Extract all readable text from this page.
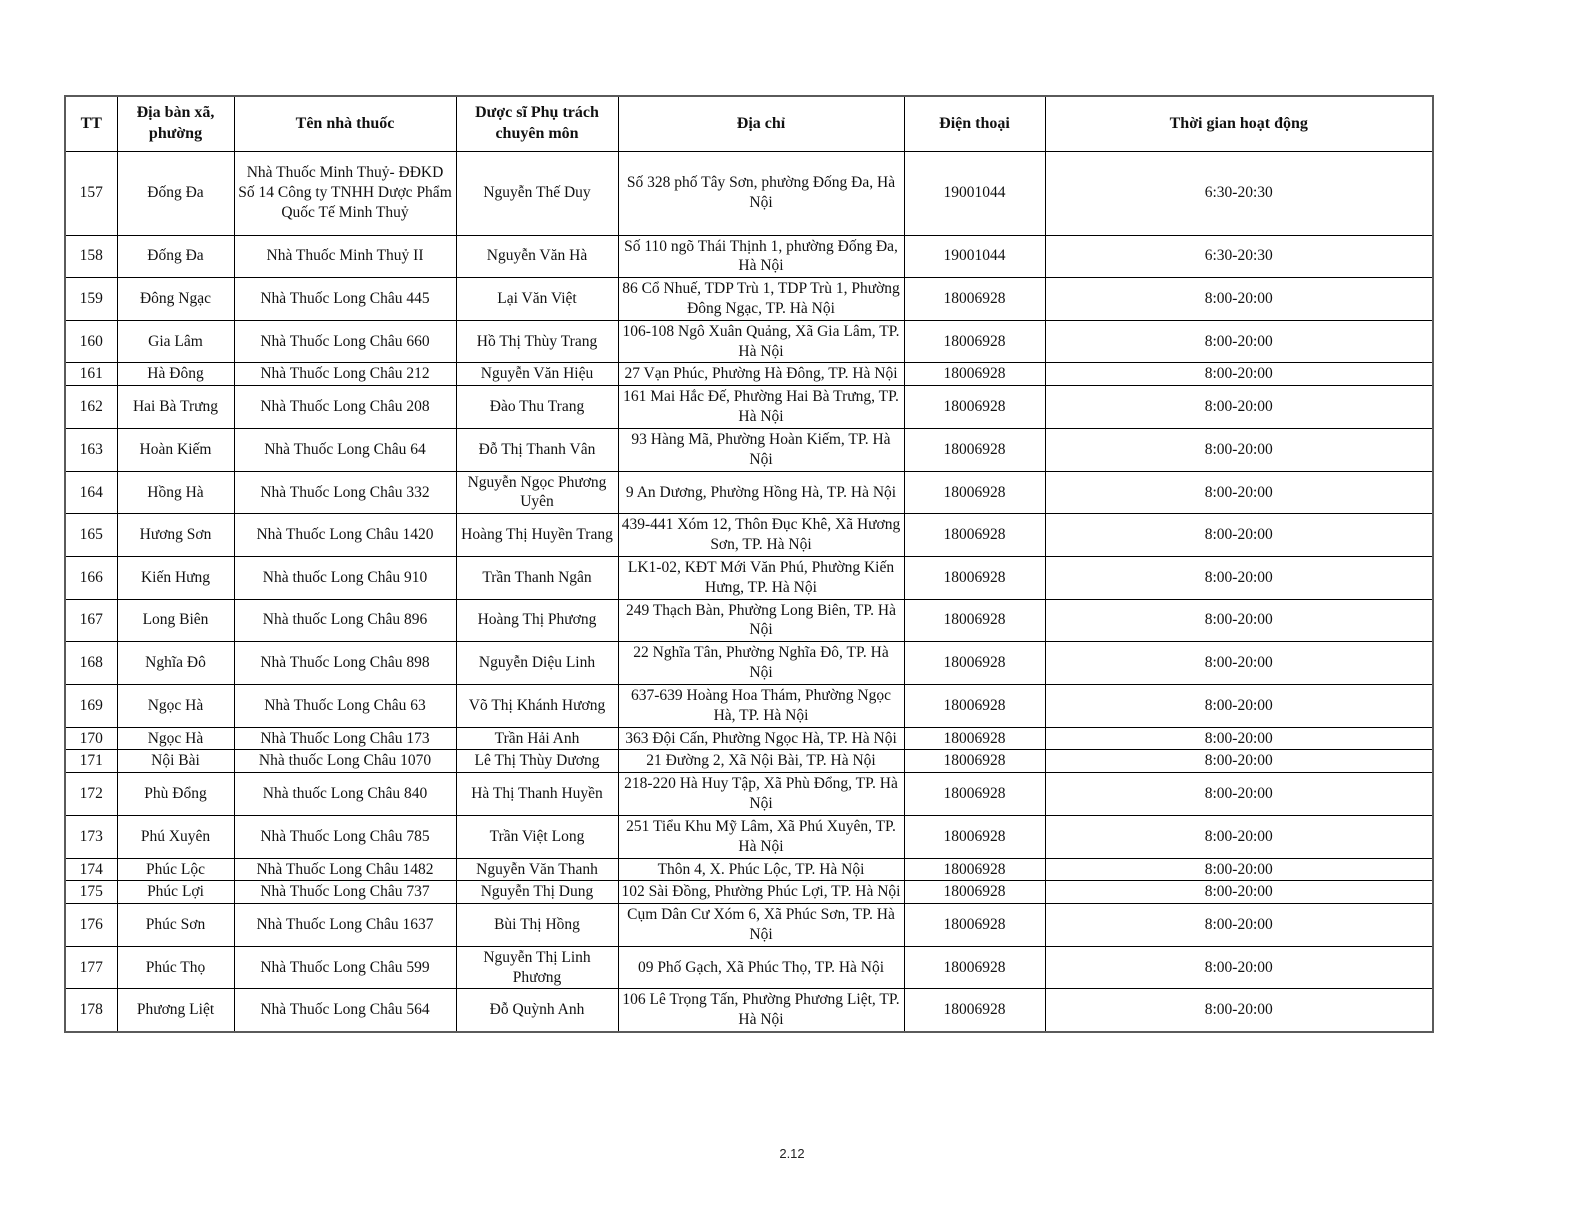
TT	Địa bàn xã, phường	Tên nhà thuốc	Dược sĩ Phụ trách chuyên môn	Địa chỉ	Điện thoại	Thời gian hoạt động
157	Đống Đa	Nhà Thuốc Minh Thuỷ- ĐĐKD Số 14 Công ty TNHH Dược Phẩm Quốc Tế Minh Thuỷ	Nguyễn Thế Duy	Số 328 phố Tây Sơn, phường Đống Đa, Hà Nội	19001044	6:30-20:30
158	Đống Đa	Nhà Thuốc Minh Thuỷ II	Nguyễn Văn Hà	Số 110 ngõ Thái Thịnh 1, phường Đống Đa, Hà Nội	19001044	6:30-20:30
159	Đông Ngạc	Nhà Thuốc Long Châu 445	Lại Văn Việt	86 Cổ Nhuế, TDP Trù 1, TDP Trù 1, Phường Đông Ngạc, TP. Hà Nội	18006928	8:00-20:00
160	Gia Lâm	Nhà Thuốc Long Châu 660	Hồ Thị Thùy Trang	106-108 Ngô Xuân Quảng, Xã Gia Lâm, TP. Hà Nội	18006928	8:00-20:00
161	Hà Đông	Nhà Thuốc Long Châu 212	Nguyễn Văn Hiệu	27 Vạn Phúc, Phường Hà Đông, TP. Hà Nội	18006928	8:00-20:00
162	Hai Bà Trưng	Nhà Thuốc Long Châu 208	Đào Thu Trang	161 Mai Hắc Đế, Phường Hai Bà Trưng, TP. Hà Nội	18006928	8:00-20:00
163	Hoàn Kiếm	Nhà Thuốc Long Châu 64	Đỗ Thị Thanh Vân	93 Hàng Mã, Phường Hoàn Kiếm, TP. Hà Nội	18006928	8:00-20:00
164	Hồng Hà	Nhà Thuốc Long Châu 332	Nguyễn Ngọc Phương Uyên	9 An Dương, Phường Hồng Hà, TP. Hà Nội	18006928	8:00-20:00
165	Hương Sơn	Nhà Thuốc Long Châu 1420	Hoàng Thị Huyền Trang	439-441 Xóm 12, Thôn Đục Khê, Xã Hương Sơn, TP. Hà Nội	18006928	8:00-20:00
166	Kiến Hưng	Nhà thuốc Long Châu 910	Trần Thanh Ngân	LK1-02, KĐT Mới Văn Phú, Phường Kiến Hưng, TP. Hà Nội	18006928	8:00-20:00
167	Long Biên	Nhà thuốc Long Châu 896	Hoàng Thị Phương	249 Thạch Bàn, Phường Long Biên, TP. Hà Nội	18006928	8:00-20:00
168	Nghĩa Đô	Nhà Thuốc Long Châu 898	Nguyễn Diệu Linh	22 Nghĩa Tân, Phường Nghĩa Đô, TP. Hà Nội	18006928	8:00-20:00
169	Ngọc Hà	Nhà Thuốc Long Châu 63	Võ Thị Khánh Hương	637-639 Hoàng Hoa Thám, Phường Ngọc Hà, TP. Hà Nội	18006928	8:00-20:00
170	Ngọc Hà	Nhà Thuốc Long Châu 173	Trần Hải Anh	363 Đội Cấn, Phường Ngọc Hà, TP. Hà Nội	18006928	8:00-20:00
171	Nội Bài	Nhà thuốc Long Châu 1070	Lê Thị Thùy Dương	21 Đường 2, Xã Nội Bài, TP. Hà Nội	18006928	8:00-20:00
172	Phù Đổng	Nhà thuốc Long Châu 840	Hà Thị Thanh Huyền	218-220 Hà Huy Tập, Xã Phù Đổng, TP. Hà Nội	18006928	8:00-20:00
173	Phú Xuyên	Nhà Thuốc Long Châu 785	Trần Việt Long	251 Tiểu Khu Mỹ Lâm, Xã Phú Xuyên, TP. Hà Nội	18006928	8:00-20:00
174	Phúc Lộc	Nhà Thuốc Long Châu 1482	Nguyễn Văn Thanh	Thôn 4, X. Phúc Lộc, TP. Hà Nội	18006928	8:00-20:00
175	Phúc Lợi	Nhà Thuốc Long Châu 737	Nguyễn Thị Dung	102 Sài Đồng, Phường Phúc Lợi, TP. Hà Nội	18006928	8:00-20:00
176	Phúc Sơn	Nhà Thuốc Long Châu 1637	Bùi Thị Hồng	Cụm Dân Cư Xóm 6, Xã Phúc Sơn, TP. Hà Nội	18006928	8:00-20:00
177	Phúc Thọ	Nhà Thuốc Long Châu 599	Nguyễn Thị Linh Phương	09 Phố Gạch, Xã Phúc Thọ, TP. Hà Nội	18006928	8:00-20:00
178	Phương Liệt	Nhà Thuốc Long Châu 564	Đỗ Quỳnh Anh	106 Lê Trọng Tấn, Phường Phương Liệt, TP. Hà Nội	18006928	8:00-20:00
2.12
